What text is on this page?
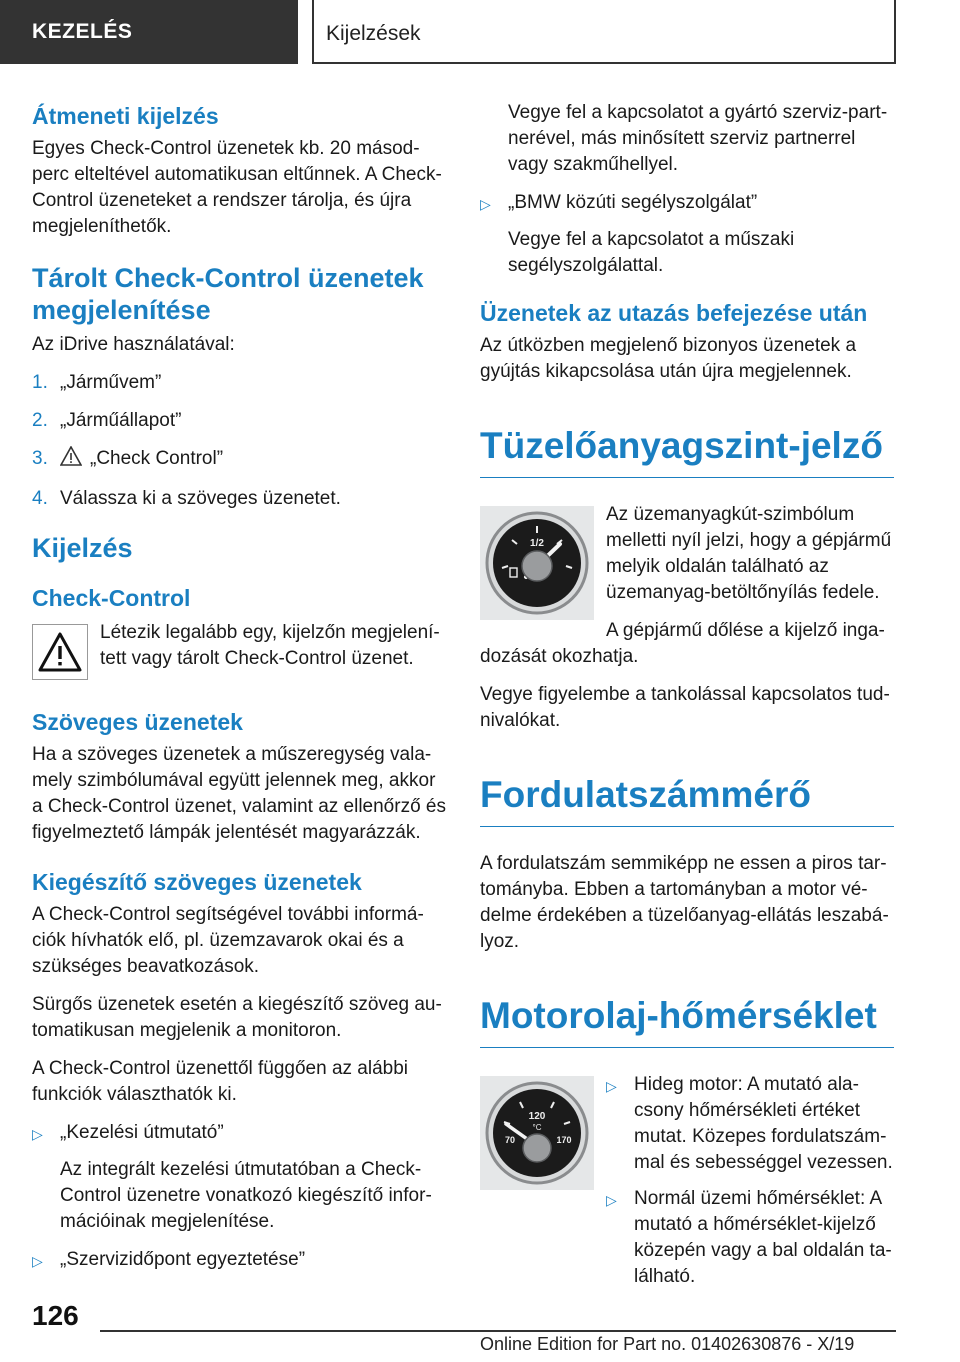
KEZELÉS	Kijelzések
Átmeneti kijelzés

Egyes Check-Control üzenetek kb. 20 másodperc elteltével automatikusan eltűnnek. A Check-Control üzeneteket a rendszer tárolja, és újra megjeleníthetők.

Tárolt Check-Control üzenetek megjelenítése

Az iDrive használatával:

1. „Járművem”
2. „Járműállapot”
3.	„Check Control”
4. Válassza ki a szöveges üzenetet.
Kijelzés
Check-Control

Létezik legalább egy, kijelzőn megjelenített vagy tárolt Check-Control üzenet.

Szöveges üzenetek

Ha a szöveges üzenetek a műszeregység valamely szimbólumával együtt jelennek meg, akkor a Check-Control üzenet, valamint az ellenőrző és figyelmeztető lámpák jelentését magyarázzák.

Kiegészítő szöveges üzenetek

A Check-Control segítségével további információk hívhatók elő, pl. üzemzavarok okai és a szükséges beavatkozások.

Sürgős üzenetek esetén a kiegészítő szöveg automatikusan megjelenik a monitoron.

A Check-Control üzenettől függően az alábbi funkciók választhatók ki.

▷ „Kezelési útmutató”

Az integrált kezelési útmutatóban a Check-Control üzenetre vonatkozó kiegészítő információinak megjelenítése.

▷ „Szervizidőpont egyeztetése”

Vegye fel a kapcsolatot a gyártó szerviz-partnerével, más minősített szerviz partnerrel vagy szakműhellyel.

▷ „BMW közúti segélyszolgálat”

Vegye fel a kapcsolatot a műszaki segélyszolgálattal.

Üzenetek az utazás befejezése után

Az útközben megjelenő bizonyos üzenetek a gyújtás kikapcsolása után újra megjelennek.

Tüzelőanyagszint-jelző
1/2

Az üzemanyagkút-szimbólum melletti nyíl jelzi, hogy a gépjármű melyik oldalán található az üzemanyag-betöltőnyílás fedele.

A gépjármű dőlése a kijelző ingadozását okozhatja.

Vegye figyelembe a tankolással kapcsolatos tudnivalókat.

Fordulatszámmérő

A fordulatszám semmiképp ne essen a piros tartományba. Ebben a tartományban a motor védelme érdekében a tüzelőanyag-ellátás leszabályoz.

Motorolaj-hőmérséklet
120
°C
70	170
▷ Hideg motor: A mutató alacsony hőmérsékleti értéket mutat. Közepes fordulatszámmal és sebességgel vezessen.
▷ Normál üzemi hőmérséklet: A mutató a hőmérséklet-kijelző közepén vagy a bal oldalán található.
126
Online Edition for Part no. 01402630876 - X/19
